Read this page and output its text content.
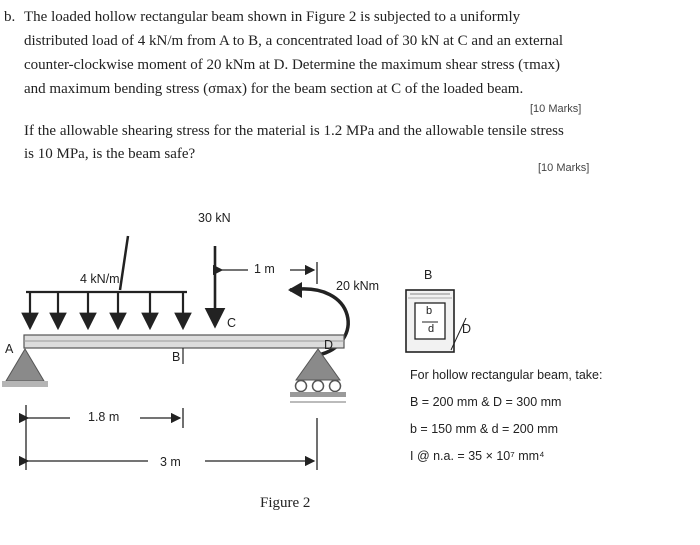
b. The loaded hollow rectangular beam shown in Figure 2 is subjected to a uniformly
distributed load of 4 kN/m from A to B, a concentrated load of 30 kN at C and an external
counter-clockwise moment of 20 kNm at D. Determine the maximum shear stress (τmax)
and maximum bending stress (σmax) for the beam section at C of the loaded beam.
[10 Marks]
If the allowable shearing stress for the material is 1.2 MPa and the allowable tensile stress
is 10 MPa, is the beam safe?
[10 Marks]
30 kN
4 kN/m
1 m
20 kNm
A
B
C
D
1.8 m
3 m
Figure 2
B
b
d D
For hollow rectangular beam, take:
B = 200 mm & D = 300 mm
b = 150 mm & d = 200 mm
I @ n.a. = 35 × 10⁷ mm⁴
